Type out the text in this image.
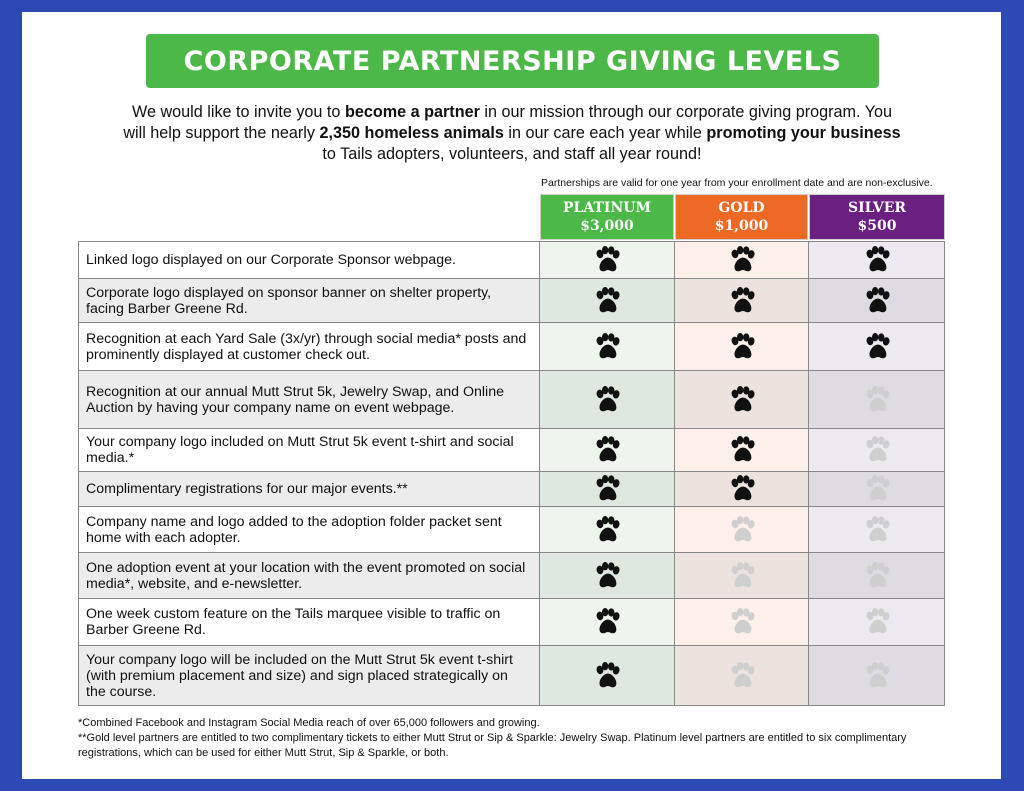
CORPORATE PARTNERSHIP GIVING LEVELS
We would like to invite you to become a partner in our mission through our corporate giving program. You will help support the nearly 2,350 homeless animals in our care each year while promoting your business to Tails adopters, volunteers, and staff all year round!
Partnerships are valid for one year from your enrollment date and are non-exclusive.
PLATINUM
$3,000
GOLD
$1,000
SILVER
$500
Linked logo displayed on our Corporate Sponsor webpage.
Corporate logo displayed on sponsor banner on shelter property, facing Barber Greene Rd.
Recognition at each Yard Sale (3x/yr) through social media* posts and prominently displayed at customer check out.
Recognition at our annual Mutt Strut 5k, Jewelry Swap, and Online Auction by having your company name on event webpage.
Your company logo included on Mutt Strut 5k event t-shirt and social media.*
Complimentary registrations for our major events.**
Company name and logo added to the adoption folder packet sent home with each adopter.
One adoption event at your location with the event promoted on social media*, website, and e-newsletter.
One week custom feature on the Tails marquee visible to traffic on Barber Greene Rd.
Your company logo will be included on the Mutt Strut 5k event t-shirt (with premium placement and size) and sign placed strategically on the course.
*Combined Facebook and Instagram Social Media reach of over 65,000 followers and growing.
**Gold level partners are entitled to two complimentary tickets to either Mutt Strut or Sip & Sparkle: Jewelry Swap. Platinum level partners are entitled to six complimentary registrations, which can be used for either Mutt Strut, Sip & Sparkle, or both.
